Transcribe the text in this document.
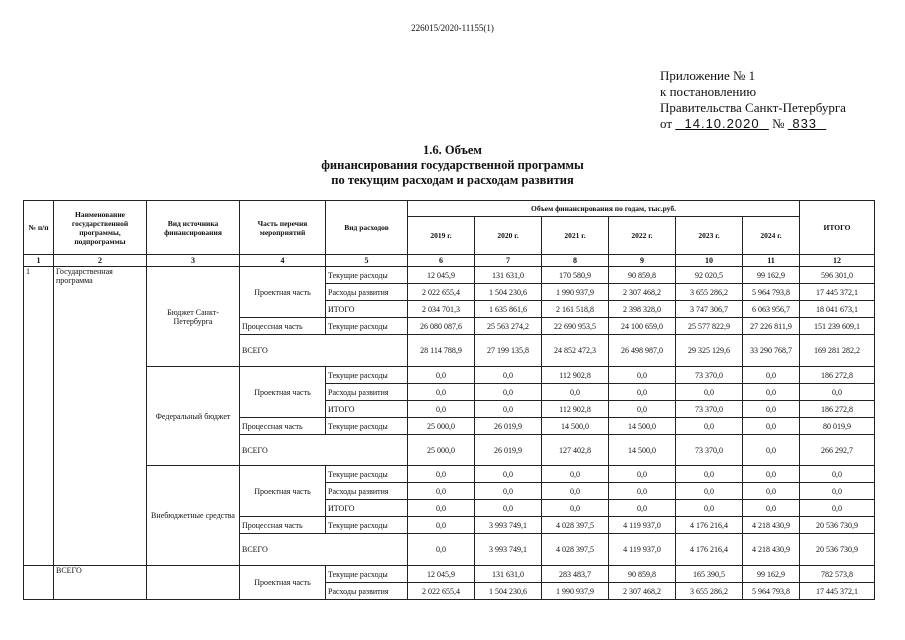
226015/2020-11155(1)
Приложение № 1
к постановлению
Правительства Санкт-Петербурга
от 14.10.2020 № 833
1.6. Объем
финансирования государственной программы
по текущим расходам и расходам развития
№ п/п	Наименование государственной программы, подпрограммы	Вид источника финансирования	Часть перечня мероприятий	Вид расходов	Объем финансирования по годам, тыс.руб.						ИТОГО
					2019 г.	2020 г.	2021 г.	2022 г.	2023 г.	2024 г.	
1	2	3	4	5	6	7	8	9	10	11	12
1	Государственная программа	Бюджет Санкт-Петербурга	Проектная часть	Текущие расходы	12 045,9	131 631,0	170 580,9	90 859,8	92 020,5	99 162,9	596 301,0
				Расходы развития	2 022 655,4	1 504 230,6	1 990 937,9	2 307 468,2	3 655 286,2	5 964 793,8	17 445 372,1
				ИТОГО	2 034 701,3	1 635 861,6	2 161 518,8	2 398 328,0	3 747 306,7	6 063 956,7	18 041 673,1
			Процессная часть	Текущие расходы	26 080 087,6	25 563 274,2	22 690 953,5	24 100 659,0	25 577 822,9	27 226 811,9	151 239 609,1
			ВСЕГО		28 114 788,9	27 199 135,8	24 852 472,3	26 498 987,0	29 325 129,6	33 290 768,7	169 281 282,2
		Федеральный бюджет	Проектная часть	Текущие расходы	0,0	0,0	112 902,8	0,0	73 370,0	0,0	186 272,8
				Расходы развития	0,0	0,0	0,0	0,0	0,0	0,0	0,0
				ИТОГО	0,0	0,0	112 902,8	0,0	73 370,0	0,0	186 272,8
			Процессная часть	Текущие расходы	25 000,0	26 019,9	14 500,0	14 500,0	0,0	0,0	80 019,9
			ВСЕГО		25 000,0	26 019,9	127 402,8	14 500,0	73 370,0	0,0	266 292,7
		Внебюджетные средства	Проектная часть	Текущие расходы	0,0	0,0	0,0	0,0	0,0	0,0	0,0
				Расходы развития	0,0	0,0	0,0	0,0	0,0	0,0	0,0
				ИТОГО	0,0	0,0	0,0	0,0	0,0	0,0	0,0
			Процессная часть	Текущие расходы	0,0	3 993 749,1	4 028 397,5	4 119 937,0	4 176 216,4	4 218 430,9	20 536 730,9
			ВСЕГО		0,0	3 993 749,1	4 028 397,5	4 119 937,0	4 176 216,4	4 218 430,9	20 536 730,9
	ВСЕГО		Проектная часть	Текущие расходы	12 045,9	131 631,0	283 483,7	90 859,8	165 390,5	99 162,9	782 573,8
				Расходы развития	2 022 655,4	1 504 230,6	1 990 937,9	2 307 468,2	3 655 286,2	5 964 793,8	17 445 372,1
